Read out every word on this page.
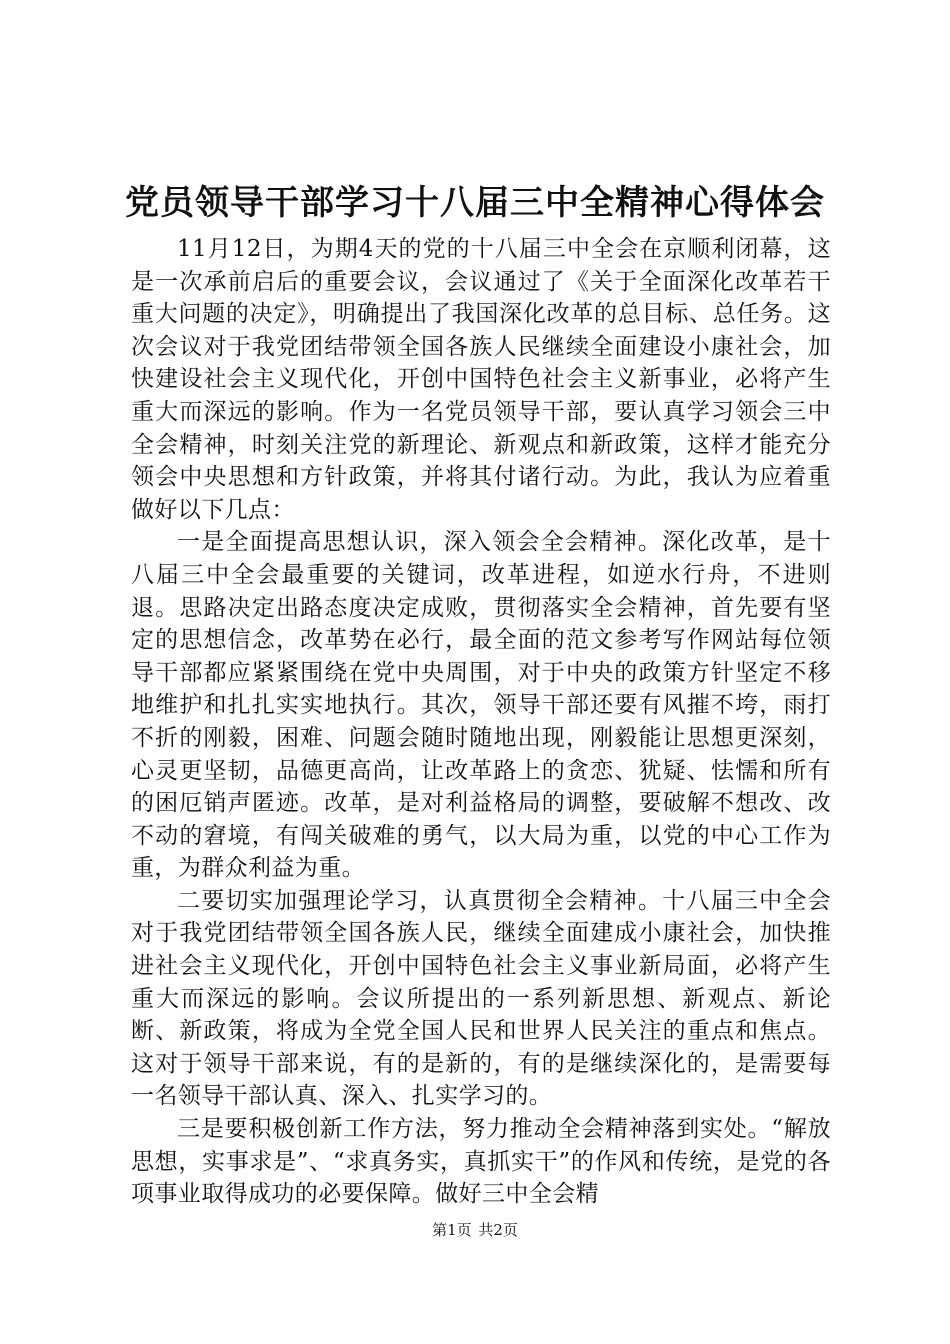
党员领导干部学习十八届三中全精神心得体会

11月12日，为期4天的党的十八届三中全会在京顺利闭幕，这是一次承前启后的重要会议，会议通过了《关于全面深化改革若干重大问题的决定》，明确提出了我国深化改革的总目标、总任务。这次会议对于我党团结带领全国各族人民继续全面建设小康社会，加快建设社会主义现代化，开创中国特色社会主义新事业，必将产生重大而深远的影响。作为一名党员领导干部，要认真学习领会三中全会精神，时刻关注党的新理论、新观点和新政策，这样才能充分领会中央思想和方针政策，并将其付诸行动。为此，我认为应着重做好以下几点：

一是全面提高思想认识，深入领会全会精神。深化改革，是十八届三中全会最重要的关键词，改革进程，如逆水行舟，不进则退。思路决定出路态度决定成败，贯彻落实全会精神，首先要有坚定的思想信念，改革势在必行，最全面的范文参考写作网站每位领导干部都应紧紧围绕在党中央周围，对于中央的政策方针坚定不移地维护和扎扎实实地执行。其次，领导干部还要有风摧不垮，雨打不折的刚毅，困难、问题会随时随地出现，刚毅能让思想更深刻，心灵更坚韧，品德更高尚，让改革路上的贪恋、犹疑、怯懦和所有的困厄销声匿迹。改革，是对利益格局的调整，要破解不想改、改不动的窘境，有闯关破难的勇气，以大局为重，以党的中心工作为重，为群众利益为重。

二要切实加强理论学习，认真贯彻全会精神。十八届三中全会对于我党团结带领全国各族人民，继续全面建成小康社会，加快推进社会主义现代化，开创中国特色社会主义事业新局面，必将产生重大而深远的影响。会议所提出的一系列新思想、新观点、新论断、新政策，将成为全党全国人民和世界人民关注的重点和焦点。这对于领导干部来说，有的是新的，有的是继续深化的，是需要每一名领导干部认真、深入、扎实学习的。

三是要积极创新工作方法，努力推动全会精神落到实处。“解放思想，实事求是”、“求真务实，真抓实干”的作风和传统，是党的各项事业取得成功的必要保障。做好三中全会精

第1页 共2页
